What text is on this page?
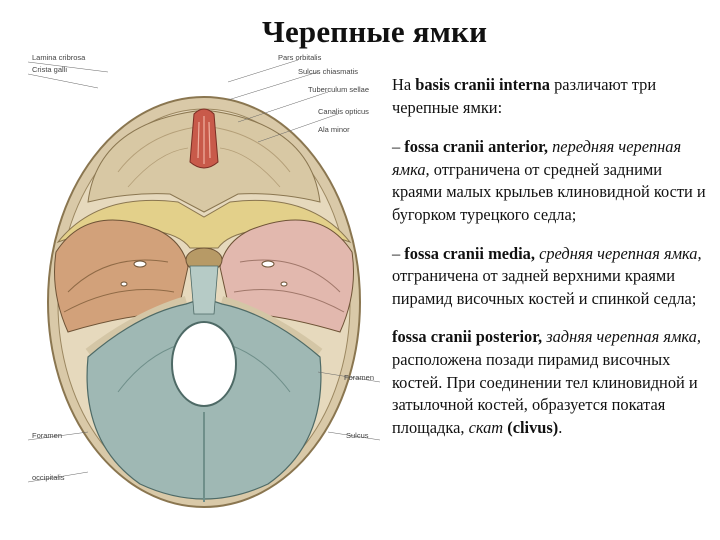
Черепные ямки
Lamina cribrosa
Crista galli
Pars orbitalis
Sulcus chiasmatis
Tuberculum sellae
Canalis opticus
Ala minor
Foramen
occipitalis
Foramen
Sulcus

На basis cranii interna различают три черепные ямки:

– fossa cranii anterior, передняя черепная ямка, отграничена от средней задними краями малых крыльев клиновидной кости и бугорком турецкого седла;

– fossa cranii media, средняя черепная ямка, отграничена от задней верхними краями пирамид височных костей и спинкой седла;

fossa cranii posterior, задняя черепная ямка, расположена позади пирамид височных костей. При соединении тел клиновидной и затылочной костей, образуется покатая площадка, скат (clivus).
